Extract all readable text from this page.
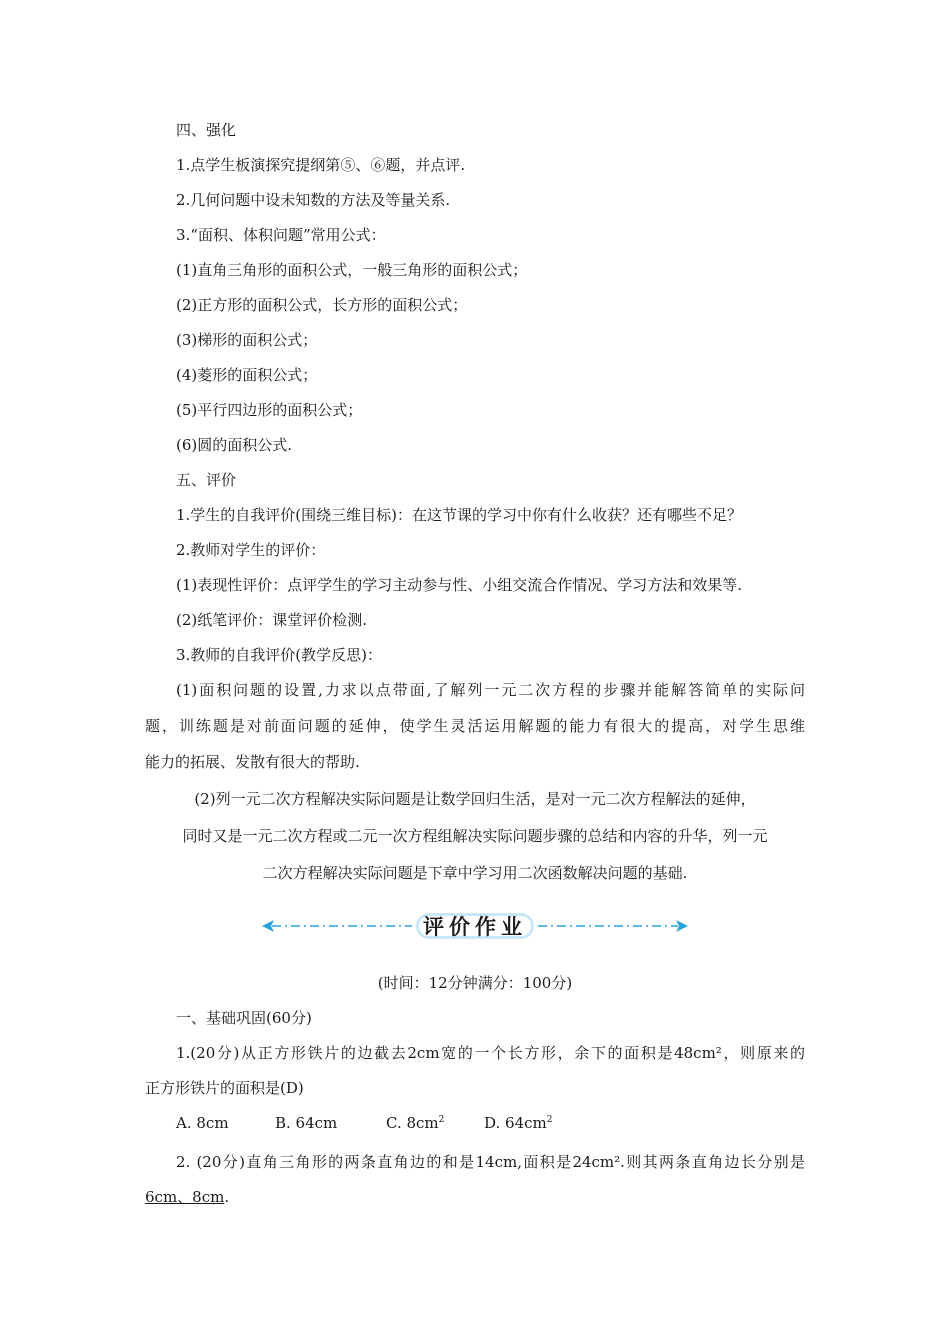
四、强化
1.点学生板演探究提纲第⑤、⑥题，并点评.
2.几何问题中设未知数的方法及等量关系.
3.“面积、体积问题”常用公式：
(1)直角三角形的面积公式，一般三角形的面积公式；
(2)正方形的面积公式，长方形的面积公式；
(3)梯形的面积公式；
(4)菱形的面积公式；
(5)平行四边形的面积公式；
(6)圆的面积公式.
五、评价
1.学生的自我评价(围绕三维目标)：在这节课的学习中你有什么收获？还有哪些不足？
2.教师对学生的评价：
(1)表现性评价：点评学生的学习主动参与性、小组交流合作情况、学习方法和效果等.
(2)纸笔评价：课堂评价检测.
3.教师的自我评价(教学反思)：
(1)面积问题的设置,力求以点带面,了解列一元二次方程的步骤并能解答简单的实际问
题，训练题是对前面问题的延伸，使学生灵活运用解题的能力有很大的提高，对学生思维
能力的拓展、发散有很大的帮助.
(2)列一元二次方程解决实际问题是让数学回归生活，是对一元二次方程解法的延伸，
同时又是一元二次方程或二元一次方程组解决实际问题步骤的总结和内容的升华，列一元
二次方程解决实际问题是下章中学习用二次函数解决问题的基础.
评价作业
(时间：12分钟满分：100分)
一、基础巩固(60分)
1.(20分)从正方形铁片的边截去2cm宽的一个长方形，余下的面积是48cm²，则原来的
正方形铁片的面积是(D)
A. 8cm	B. 64cm	C. $8cm^2$	D. $64cm^2$
2. (20分)直角三角形的两条直角边的和是14cm,面积是24cm².则其两条直角边长分别是
6cm、8cm.
